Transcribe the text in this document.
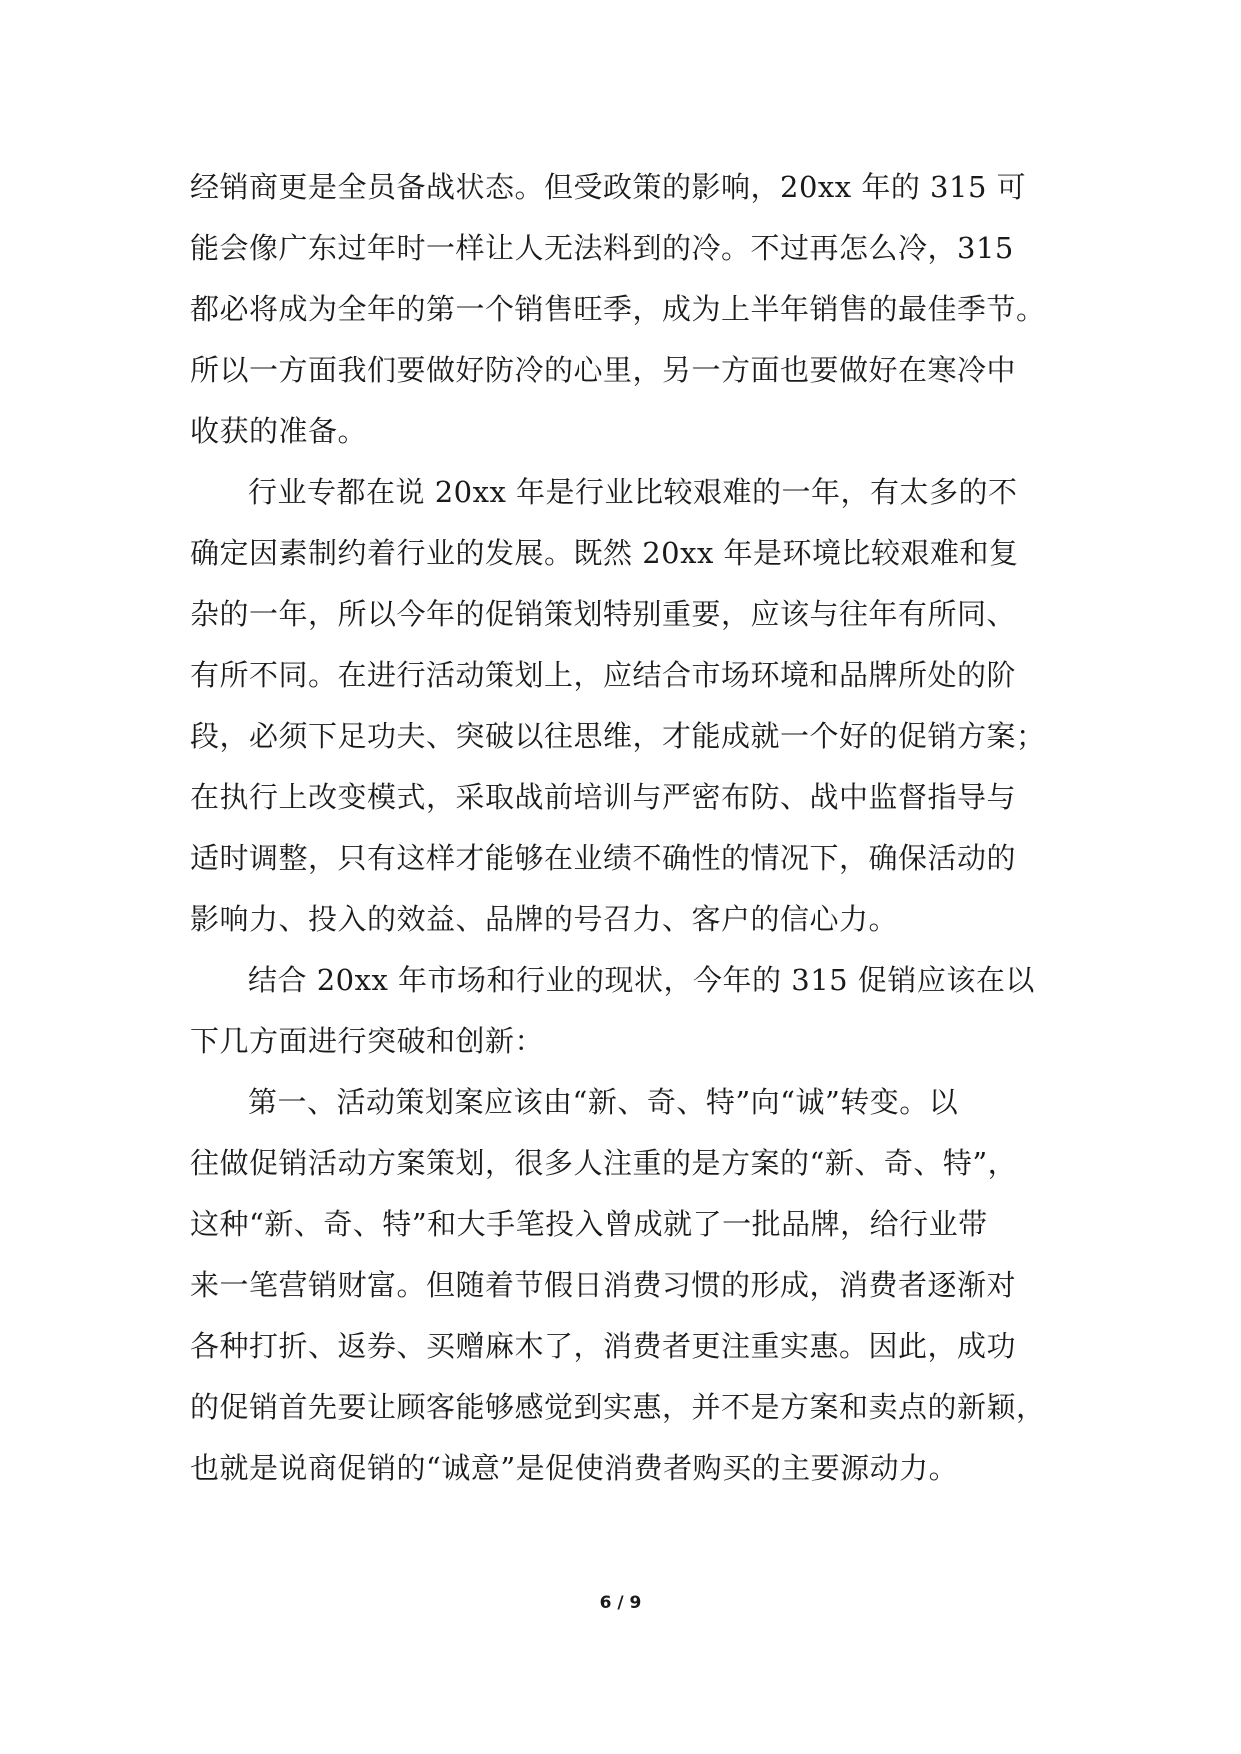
经销商更是全员备战状态。但受政策的影响，20xx 年的 315 可
能会像广东过年时一样让人无法料到的冷。不过再怎么冷，315
都必将成为全年的第一个销售旺季，成为上半年销售的最佳季节。
所以一方面我们要做好防冷的心里，另一方面也要做好在寒冷中
收获的准备。
行业专都在说 20xx 年是行业比较艰难的一年，有太多的不
确定因素制约着行业的发展。既然 20xx 年是环境比较艰难和复
杂的一年，所以今年的促销策划特别重要，应该与往年有所同、
有所不同。在进行活动策划上，应结合市场环境和品牌所处的阶
段，必须下足功夫、突破以往思维，才能成就一个好的促销方案；
在执行上改变模式，采取战前培训与严密布防、战中监督指导与
适时调整，只有这样才能够在业绩不确性的情况下，确保活动的
影响力、投入的效益、品牌的号召力、客户的信心力。
结合 20xx 年市场和行业的现状，今年的 315 促销应该在以
下几方面进行突破和创新：
第一、活动策划案应该由“新、奇、特”向“诚”转变。以
往做促销活动方案策划，很多人注重的是方案的“新、奇、特”，
这种“新、奇、特”和大手笔投入曾成就了一批品牌，给行业带
来一笔营销财富。但随着节假日消费习惯的形成，消费者逐渐对
各种打折、返券、买赠麻木了，消费者更注重实惠。因此，成功
的促销首先要让顾客能够感觉到实惠，并不是方案和卖点的新颖，
也就是说商促销的“诚意”是促使消费者购买的主要源动力。
6 / 9
